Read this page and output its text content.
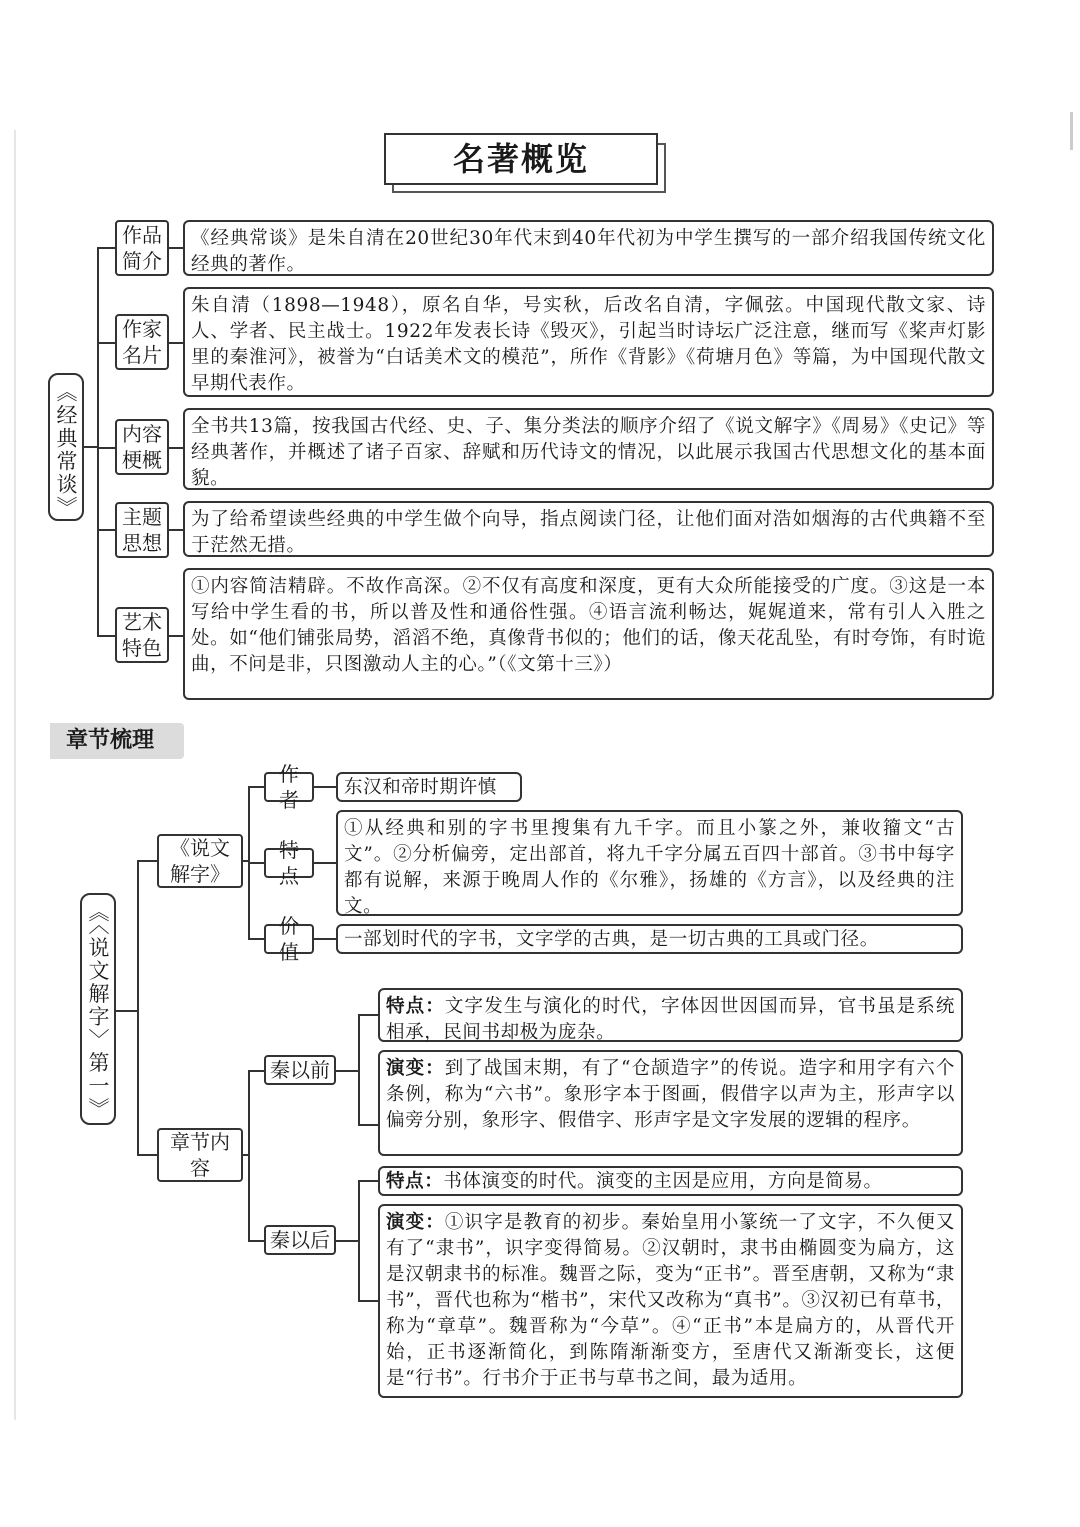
名著概览
《经典常谈》
作品简介
《经典常谈》是朱自清在20世纪30年代末到40年代初为中学生撰写的一部介绍我国传统文化经典的著作。
作家名片
朱自清（1898—1948），原名自华，号实秋，后改名自清，字佩弦。中国现代散文家、诗人、学者、民主战士。1922年发表长诗《毁灭》，引起当时诗坛广泛注意，继而写《桨声灯影里的秦淮河》，被誉为“白话美术文的模范”，所作《背影》《荷塘月色》等篇，为中国现代散文早期代表作。
内容梗概
全书共13篇，按我国古代经、史、子、集分类法的顺序介绍了《说文解字》《周易》《史记》等经典著作，并概述了诸子百家、辞赋和历代诗文的情况，以此展示我国古代思想文化的基本面貌。
主题思想
为了给希望读些经典的中学生做个向导，指点阅读门径，让他们面对浩如烟海的古代典籍不至于茫然无措。
艺术特色
①内容简洁精辟。不故作高深。②不仅有高度和深度，更有大众所能接受的广度。③这是一本写给中学生看的书，所以普及性和通俗性强。④语言流利畅达，娓娓道来，常有引人入胜之处。如“他们铺张局势，滔滔不绝，真像背书似的；他们的话，像天花乱坠，有时夸饰，有时诡曲，不问是非，只图激动人主的心。”（《文第十三》）
章节梳理
《〈说文解字〉第一》
《说文解字》
作者
东汉和帝时期许慎
特点
①从经典和别的字书里搜集有九千字。而且小篆之外，兼收籀文“古文”。②分析偏旁，定出部首，将九千字分属五百四十部首。③书中每字都有说解，来源于晚周人作的《尔雅》，扬雄的《方言》，以及经典的注文。
价值
一部划时代的字书，文字学的古典，是一切古典的工具或门径。
章节内容
秦以前
特点：文字发生与演化的时代，字体因世因国而异，官书虽是系统相承，民间书却极为庞杂。
演变：到了战国末期，有了“仓颉造字”的传说。造字和用字有六个条例，称为“六书”。象形字本于图画，假借字以声为主，形声字以偏旁分别，象形字、假借字、形声字是文字发展的逻辑的程序。
秦以后
特点：书体演变的时代。演变的主因是应用，方向是简易。
演变：①识字是教育的初步。秦始皇用小篆统一了文字，不久便又有了“隶书”，识字变得简易。②汉朝时，隶书由椭圆变为扁方，这是汉朝隶书的标准。魏晋之际，变为“正书”。晋至唐朝，又称为“隶书”，晋代也称为“楷书”，宋代又改称为“真书”。③汉初已有草书，称为“章草”。魏晋称为“今草”。④“正书”本是扁方的，从晋代开始，正书逐渐简化，到陈隋渐渐变方，至唐代又渐渐变长，这便是“行书”。行书介于正书与草书之间，最为适用。
